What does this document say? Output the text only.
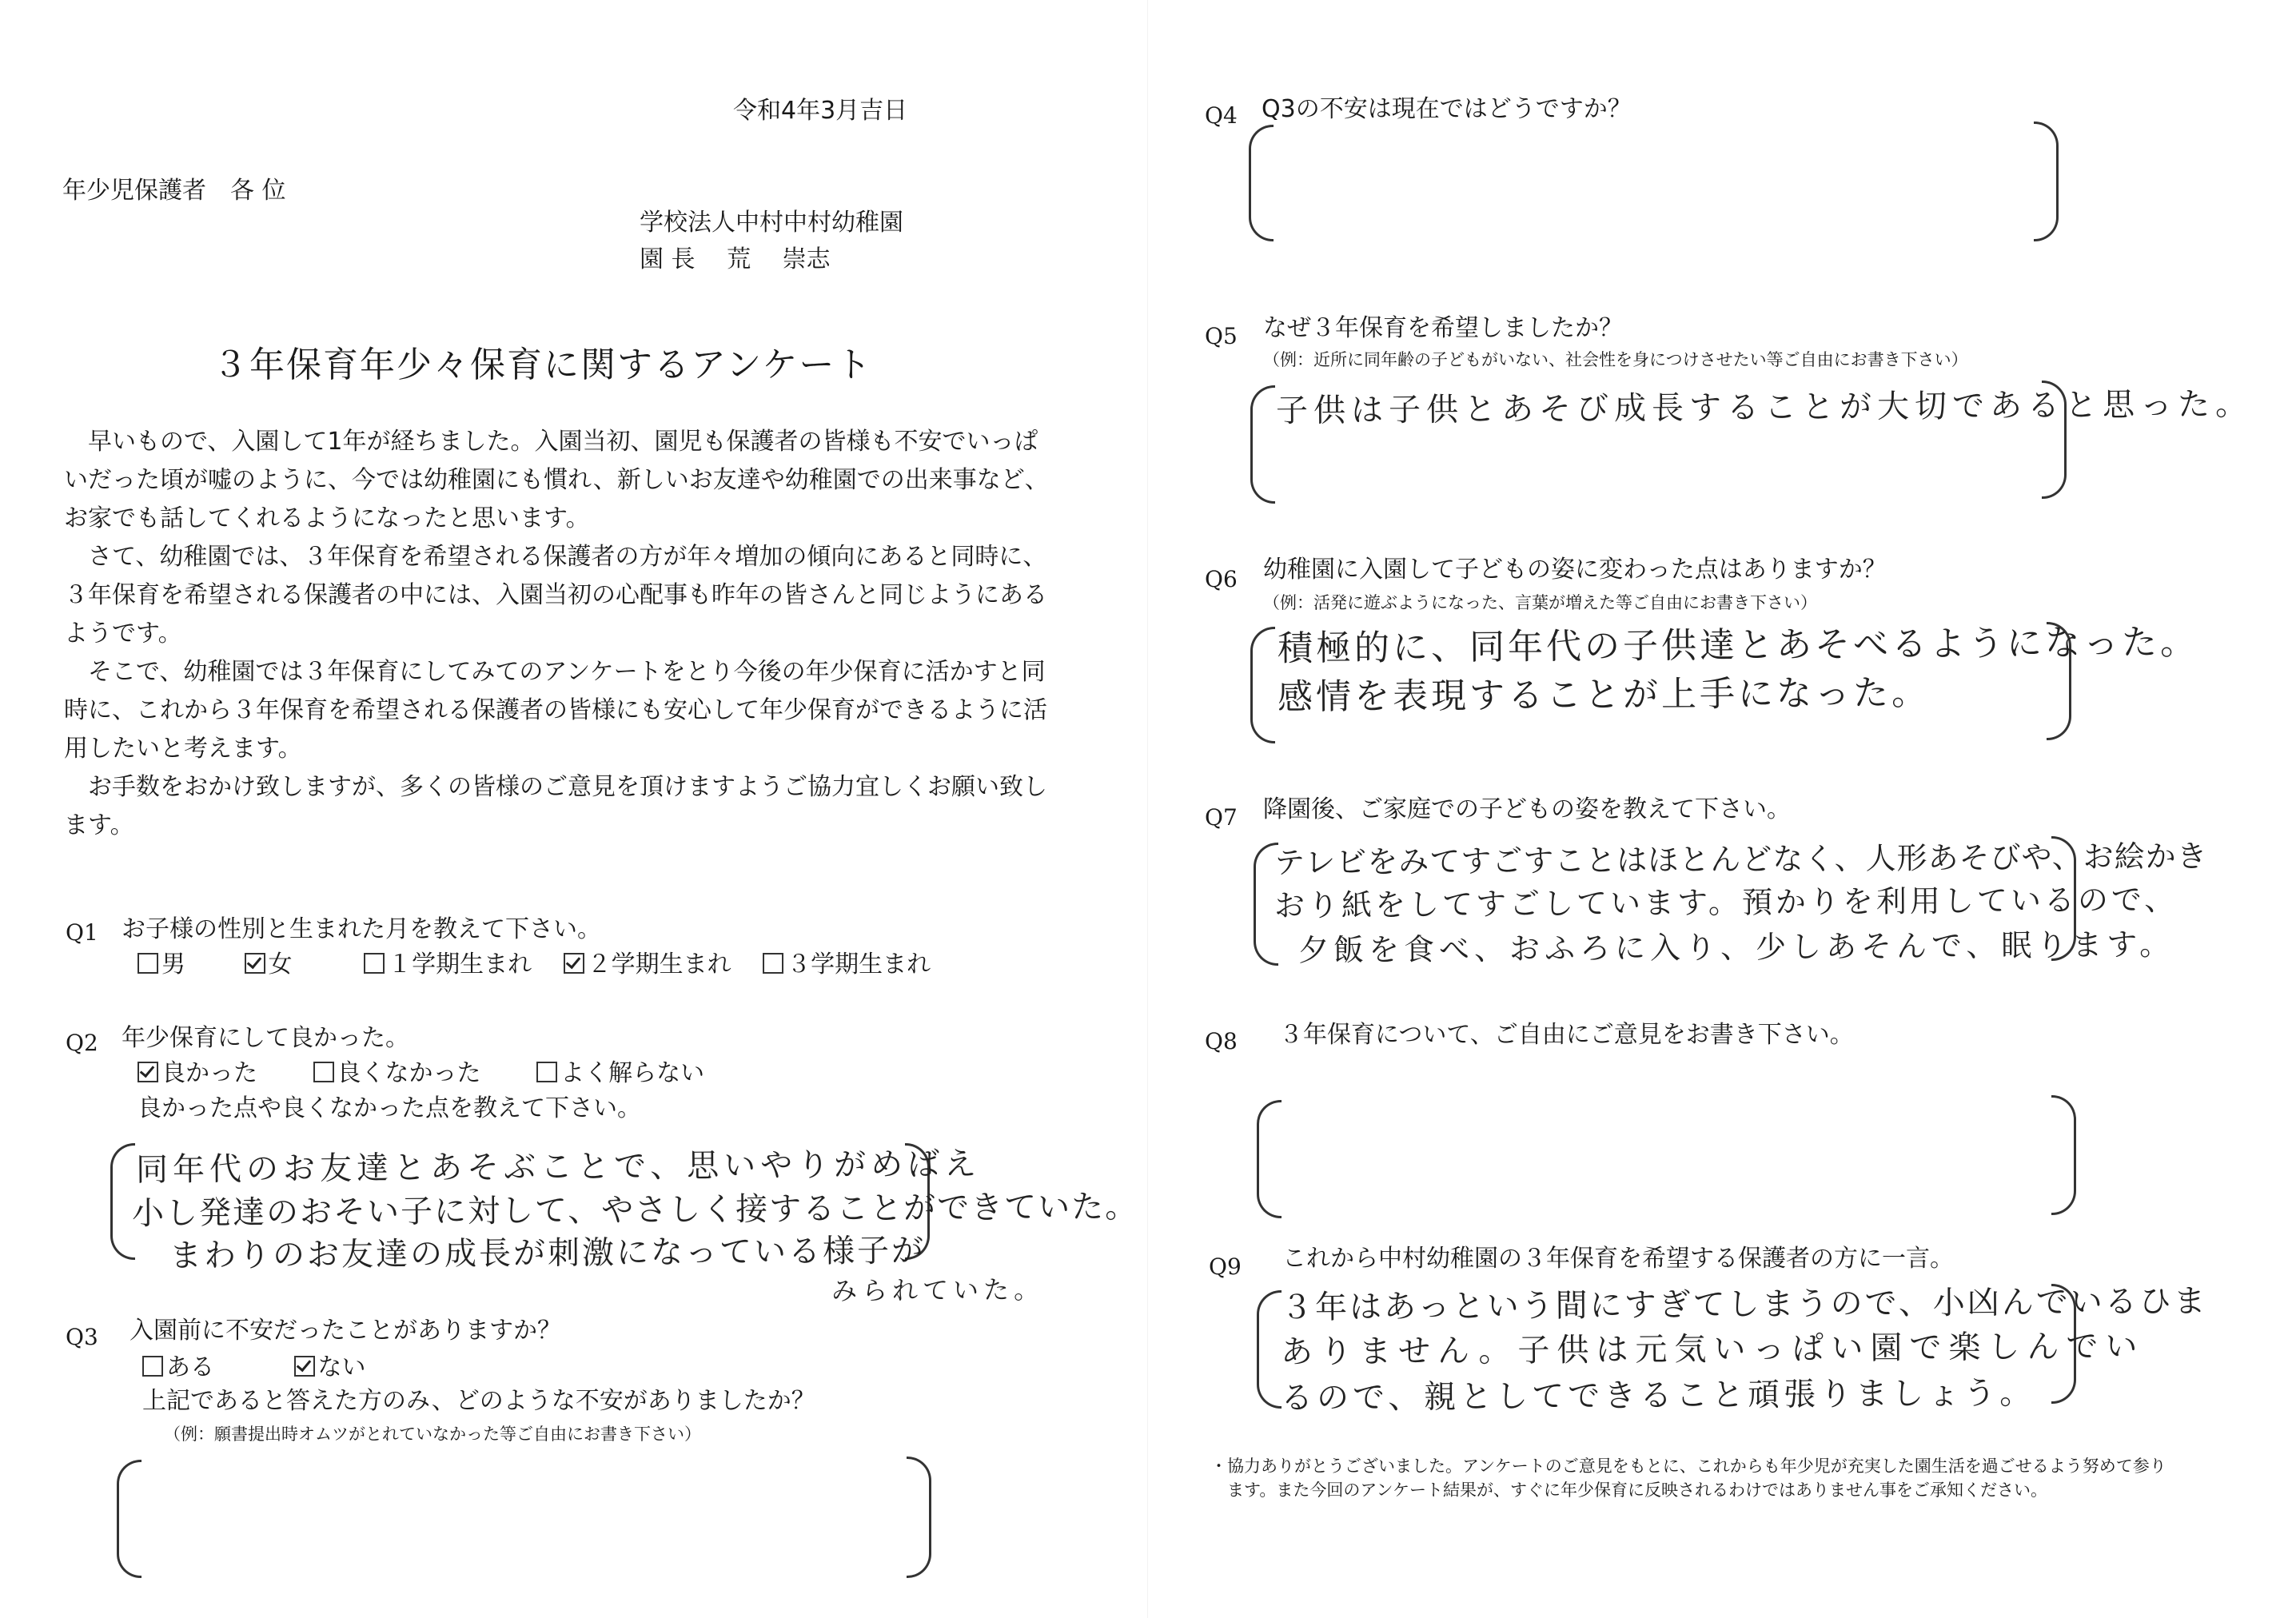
令和4年3月吉日
年少児保護者　各 位
学校法人中村中村幼稚園
園 長　 荒　 崇志
３年保育年少々保育に関するアンケート
　早いもので、入園して1年が経ちました。入園当初、園児も保護者の皆様も不安でいっぱ
いだった頃が嘘のように、今では幼稚園にも慣れ、新しいお友達や幼稚園での出来事など、
お家でも話してくれるようになったと思います。
　さて、幼稚園では、３年保育を希望される保護者の方が年々増加の傾向にあると同時に、
３年保育を希望される保護者の中には、入園当初の心配事も昨年の皆さんと同じようにある
ようです。
　そこで、幼稚園では３年保育にしてみてのアンケートをとり今後の年少保育に活かすと同
時に、これから３年保育を希望される保護者の皆様にも安心して年少保育ができるように活
用したいと考えます。
　お手数をおかけ致しますが、多くの皆様のご意見を頂けますようご協力宜しくお願い致し
ます。
Q1 お子様の性別と生まれた月を教えて下さい。
男	女	１学期生まれ ２学期生まれ ３学期生まれ
Q2 年少保育にして良かった。
良かった	良くなかった	よく解らない
良かった点や良くなかった点を教えて下さい。
同年代のお友達とあそぶことで、思いやりがめばえ
小し発達のおそい子に対して、やさしく接することができていた。
まわりのお友達の成長が刺激になっている様子が
みられていた。
Q3 入園前に不安だったことがありますか？
ある	ない
上記であると答えた方のみ、どのような不安がありましたか？
（例：願書提出時オムツがとれていなかった等ご自由にお書き下さい）
Q4 Q3の不安は現在ではどうですか？
Q5 なぜ３年保育を希望しましたか？
（例：近所に同年齢の子どもがいない、社会性を身につけさせたい等ご自由にお書き下さい）
子供は子供とあそび成長することが大切であると思った。
Q6 幼稚園に入園して子どもの姿に変わった点はありますか？
（例：活発に遊ぶようになった、言葉が増えた等ご自由にお書き下さい）
積極的に、同年代の子供達とあそべるようになった。
感情を表現することが上手になった。
Q7 降園後、ご家庭での子どもの姿を教えて下さい。
テレビをみてすごすことはほとんどなく、人形あそびや、お絵かき
おり紙をしてすごしています。預かりを利用しているので、
夕飯を食べ、おふろに入り、少しあそんで、眠ります。
Q8 ３年保育について、ご自由にご意見をお書き下さい。
Q9 これから中村幼稚園の３年保育を希望する保護者の方に一言。
３年はあっという間にすぎてしまうので、小凶んでいるひま
ありません。子供は元気いっぱい園で楽しんでい
るので、親としてできること頑張りましょう。
・協力ありがとうございました。アンケートのご意見をもとに、これからも年少児が充実した園生活を過ごせるよう努めて参り
　ます。また今回のアンケート結果が、すぐに年少保育に反映されるわけではありません事をご承知ください。
